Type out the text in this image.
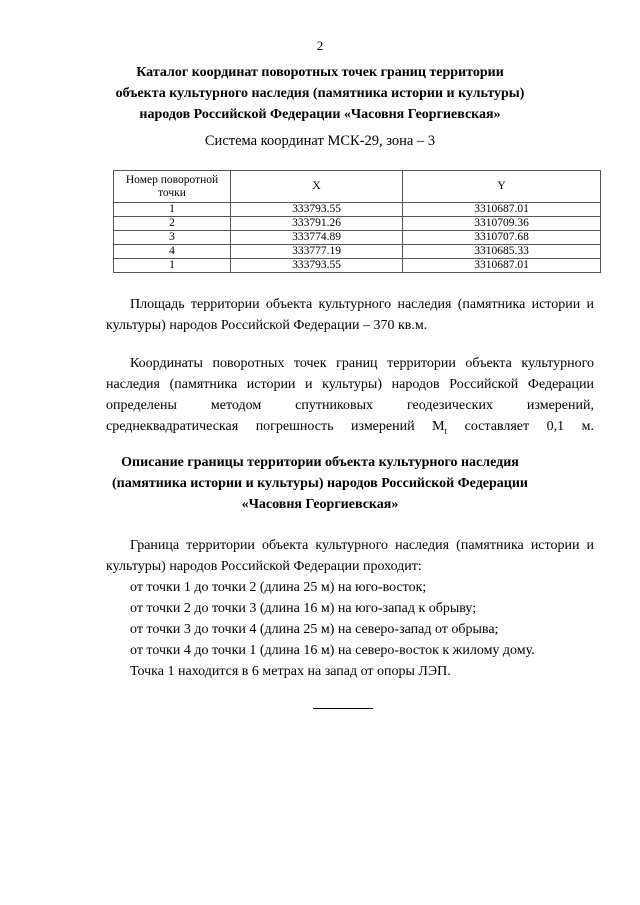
2
Каталог координат поворотных точек границ территории
объекта культурного наследия (памятника истории и культуры)
народов Российской Федерации «Часовня Георгиевская»
Система координат МСК-29, зона – 3
Номер поворотной
точки	X	Y
1	333793.55	3310687.01
2	333791.26	3310709.36
3	333774.89	3310707.68
4	333777.19	3310685.33
1	333793.55	3310687.01

Площадь территории объекта культурного наследия (памятника истории и культуры) народов Российской Федерации – 370 кв.м.

Координаты поворотных точек границ территории объекта культурного наследия (памятника истории и культуры) народов Российской Федерации определены методом спутниковых геодезических измерений, среднеквадратическая погрешность измерений $М_t$ составляет 0,1 м.

Описание границы территории объекта культурного наследия
(памятника истории и культуры) народов Российской Федерации
«Часовня Георгиевская»

Граница территории объекта культурного наследия (памятника истории и культуры) народов Российской Федерации проходит:

от точки 1 до точки 2 (длина 25 м) на юго-восток;
от точки 2 до точки 3 (длина 16 м) на юго-запад к обрыву;
от точки 3 до точки 4 (длина 25 м) на северо-запад от обрыва;
от точки 4 до точки 1 (длина 16 м) на северо-восток к жилому дому.
Точка 1 находится в 6 метрах на запад от опоры ЛЭП.
